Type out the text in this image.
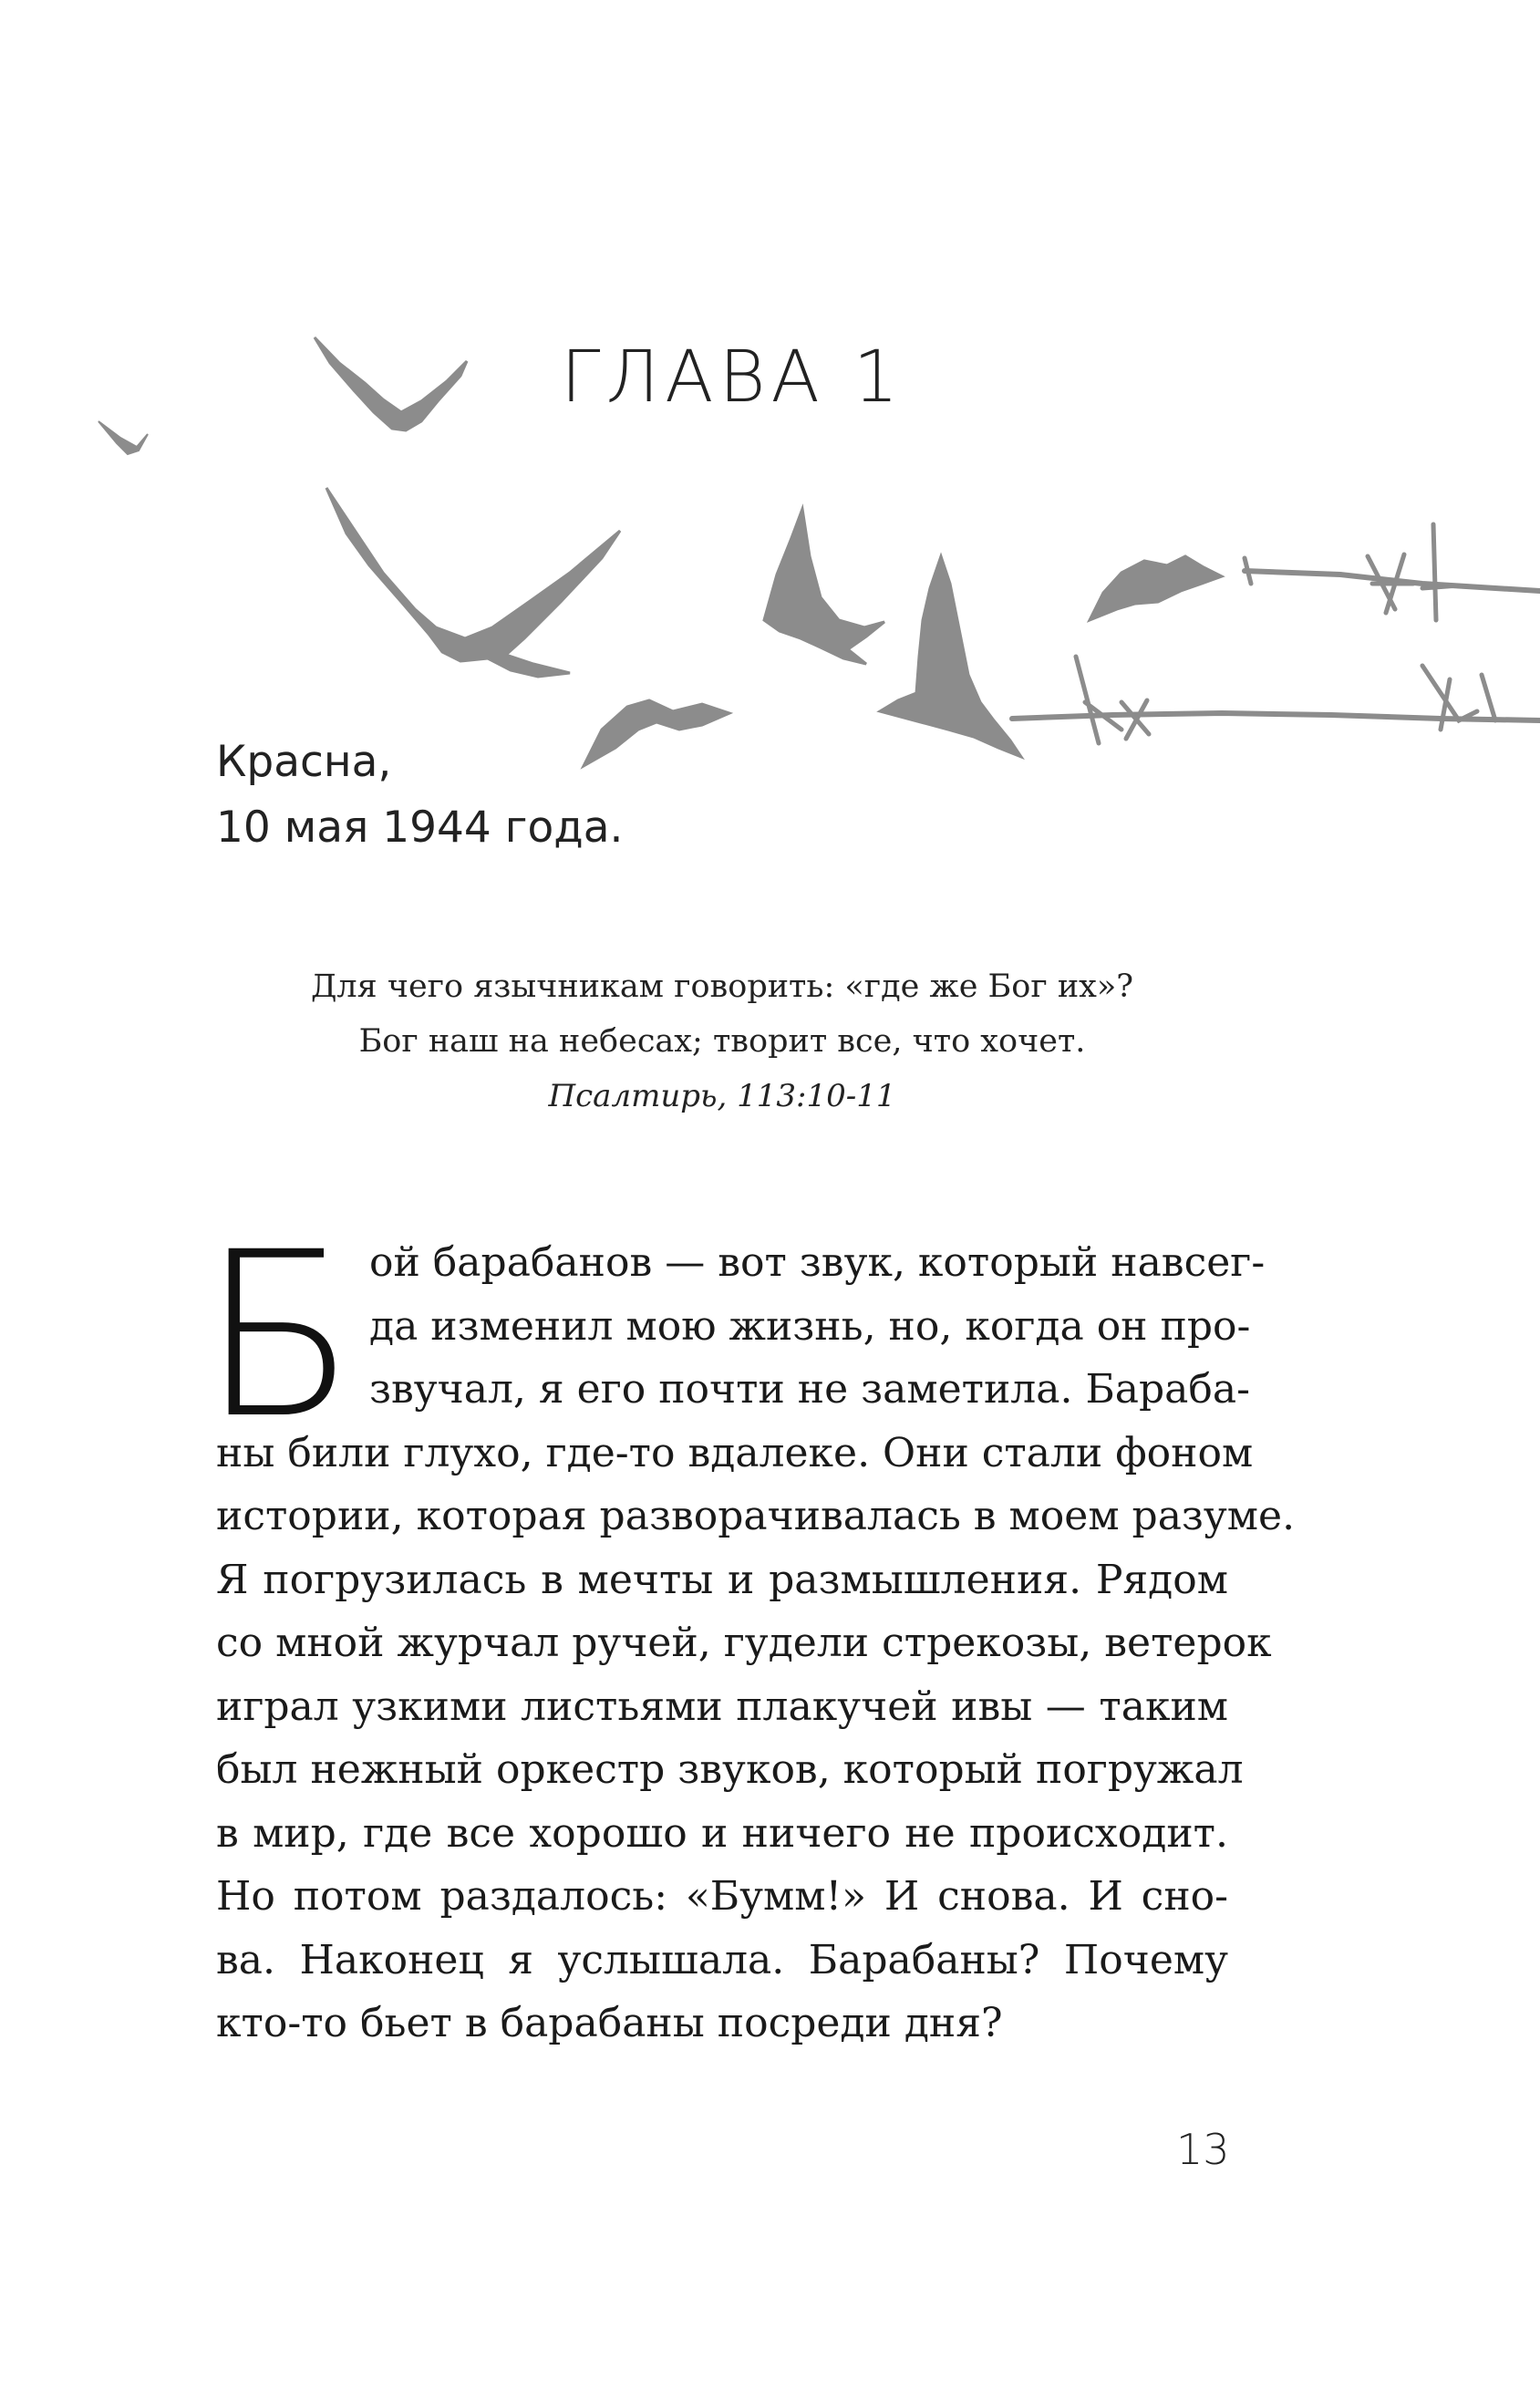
ГЛАВА 1
Красна,
10 мая 1944 года.
Для чего язычникам говорить: «где же Бог их»?
Бог наш на небесах; творит все, что хочет.
Псалтирь, 113:10-11
Б ой барабанов — вот звук, который навсег-
да изменил мою жизнь, но, когда он про-
звучал, я его почти не заметила. Бараба-
ны били глухо, где-то вдалеке. Они стали фоном
истории, которая разворачивалась в моем разуме.
Я погрузилась в мечты и размышления. Рядом
со мной журчал ручей, гудели стрекозы, ветерок
играл узкими листьями плакучей ивы — таким
был нежный оркестр звуков, который погружал
в мир, где все хорошо и ничего не происходит.
Но потом раздалось: «Бумм!» И снова. И сно-
ва. Наконец я услышала. Барабаны? Почему
кто-то бьет в барабаны посреди дня?
13
